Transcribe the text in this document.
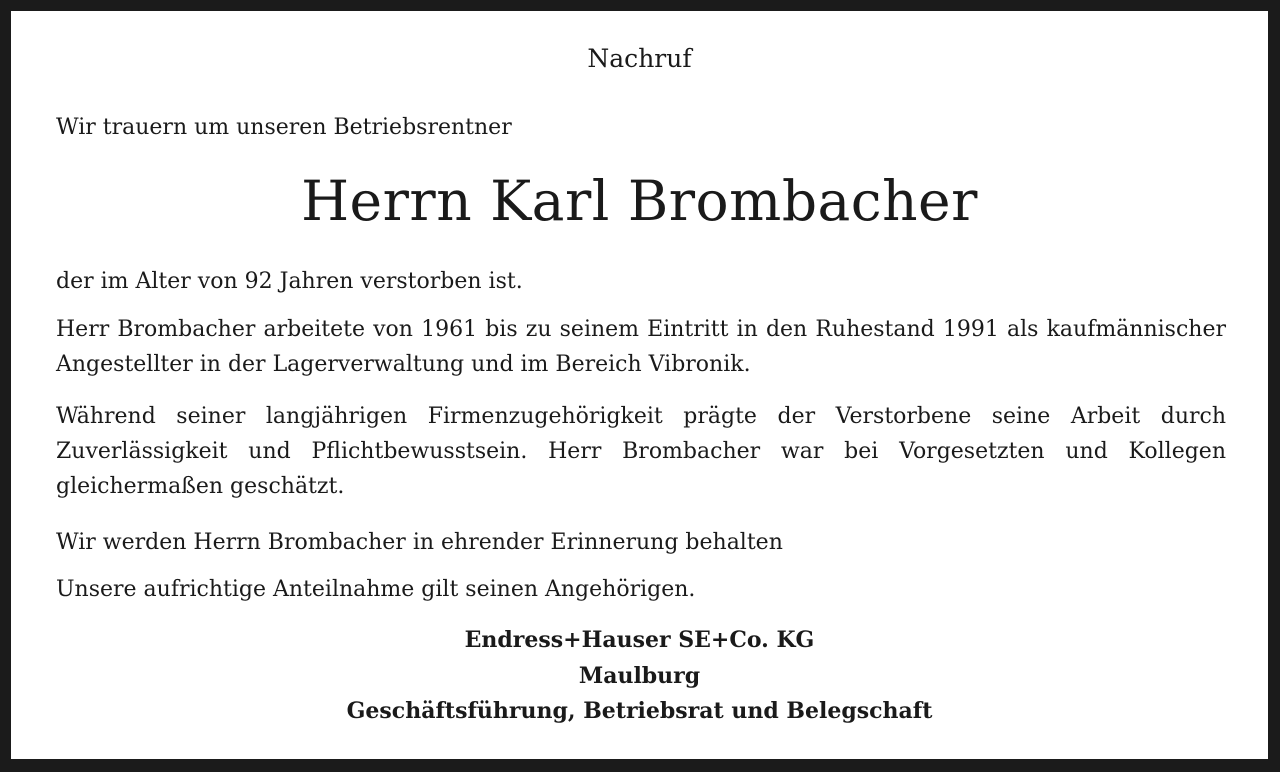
Nachruf

Wir trauern um unseren Betriebsrentner

Herrn Karl Brombacher

der im Alter von 92 Jahren verstorben ist.

Herr Brombacher arbeitete von 1961 bis zu seinem Eintritt in den Ruhestand 1991 als kaufmännischer Angestellter in der Lagerverwaltung und im Bereich Vibronik.

Während seiner langjährigen Firmenzugehörigkeit prägte der Verstorbene seine Arbeit durch Zuverlässigkeit und Pflichtbewusstsein. Herr Brombacher war bei Vorgesetzten und Kollegen gleichermaßen geschätzt.

Wir werden Herrn Brombacher in ehrender Erinnerung behalten

Unsere aufrichtige Anteilnahme gilt seinen Angehörigen.

Endress+Hauser SE+Co. KG

Maulburg

Geschäftsführung, Betriebsrat und Belegschaft
